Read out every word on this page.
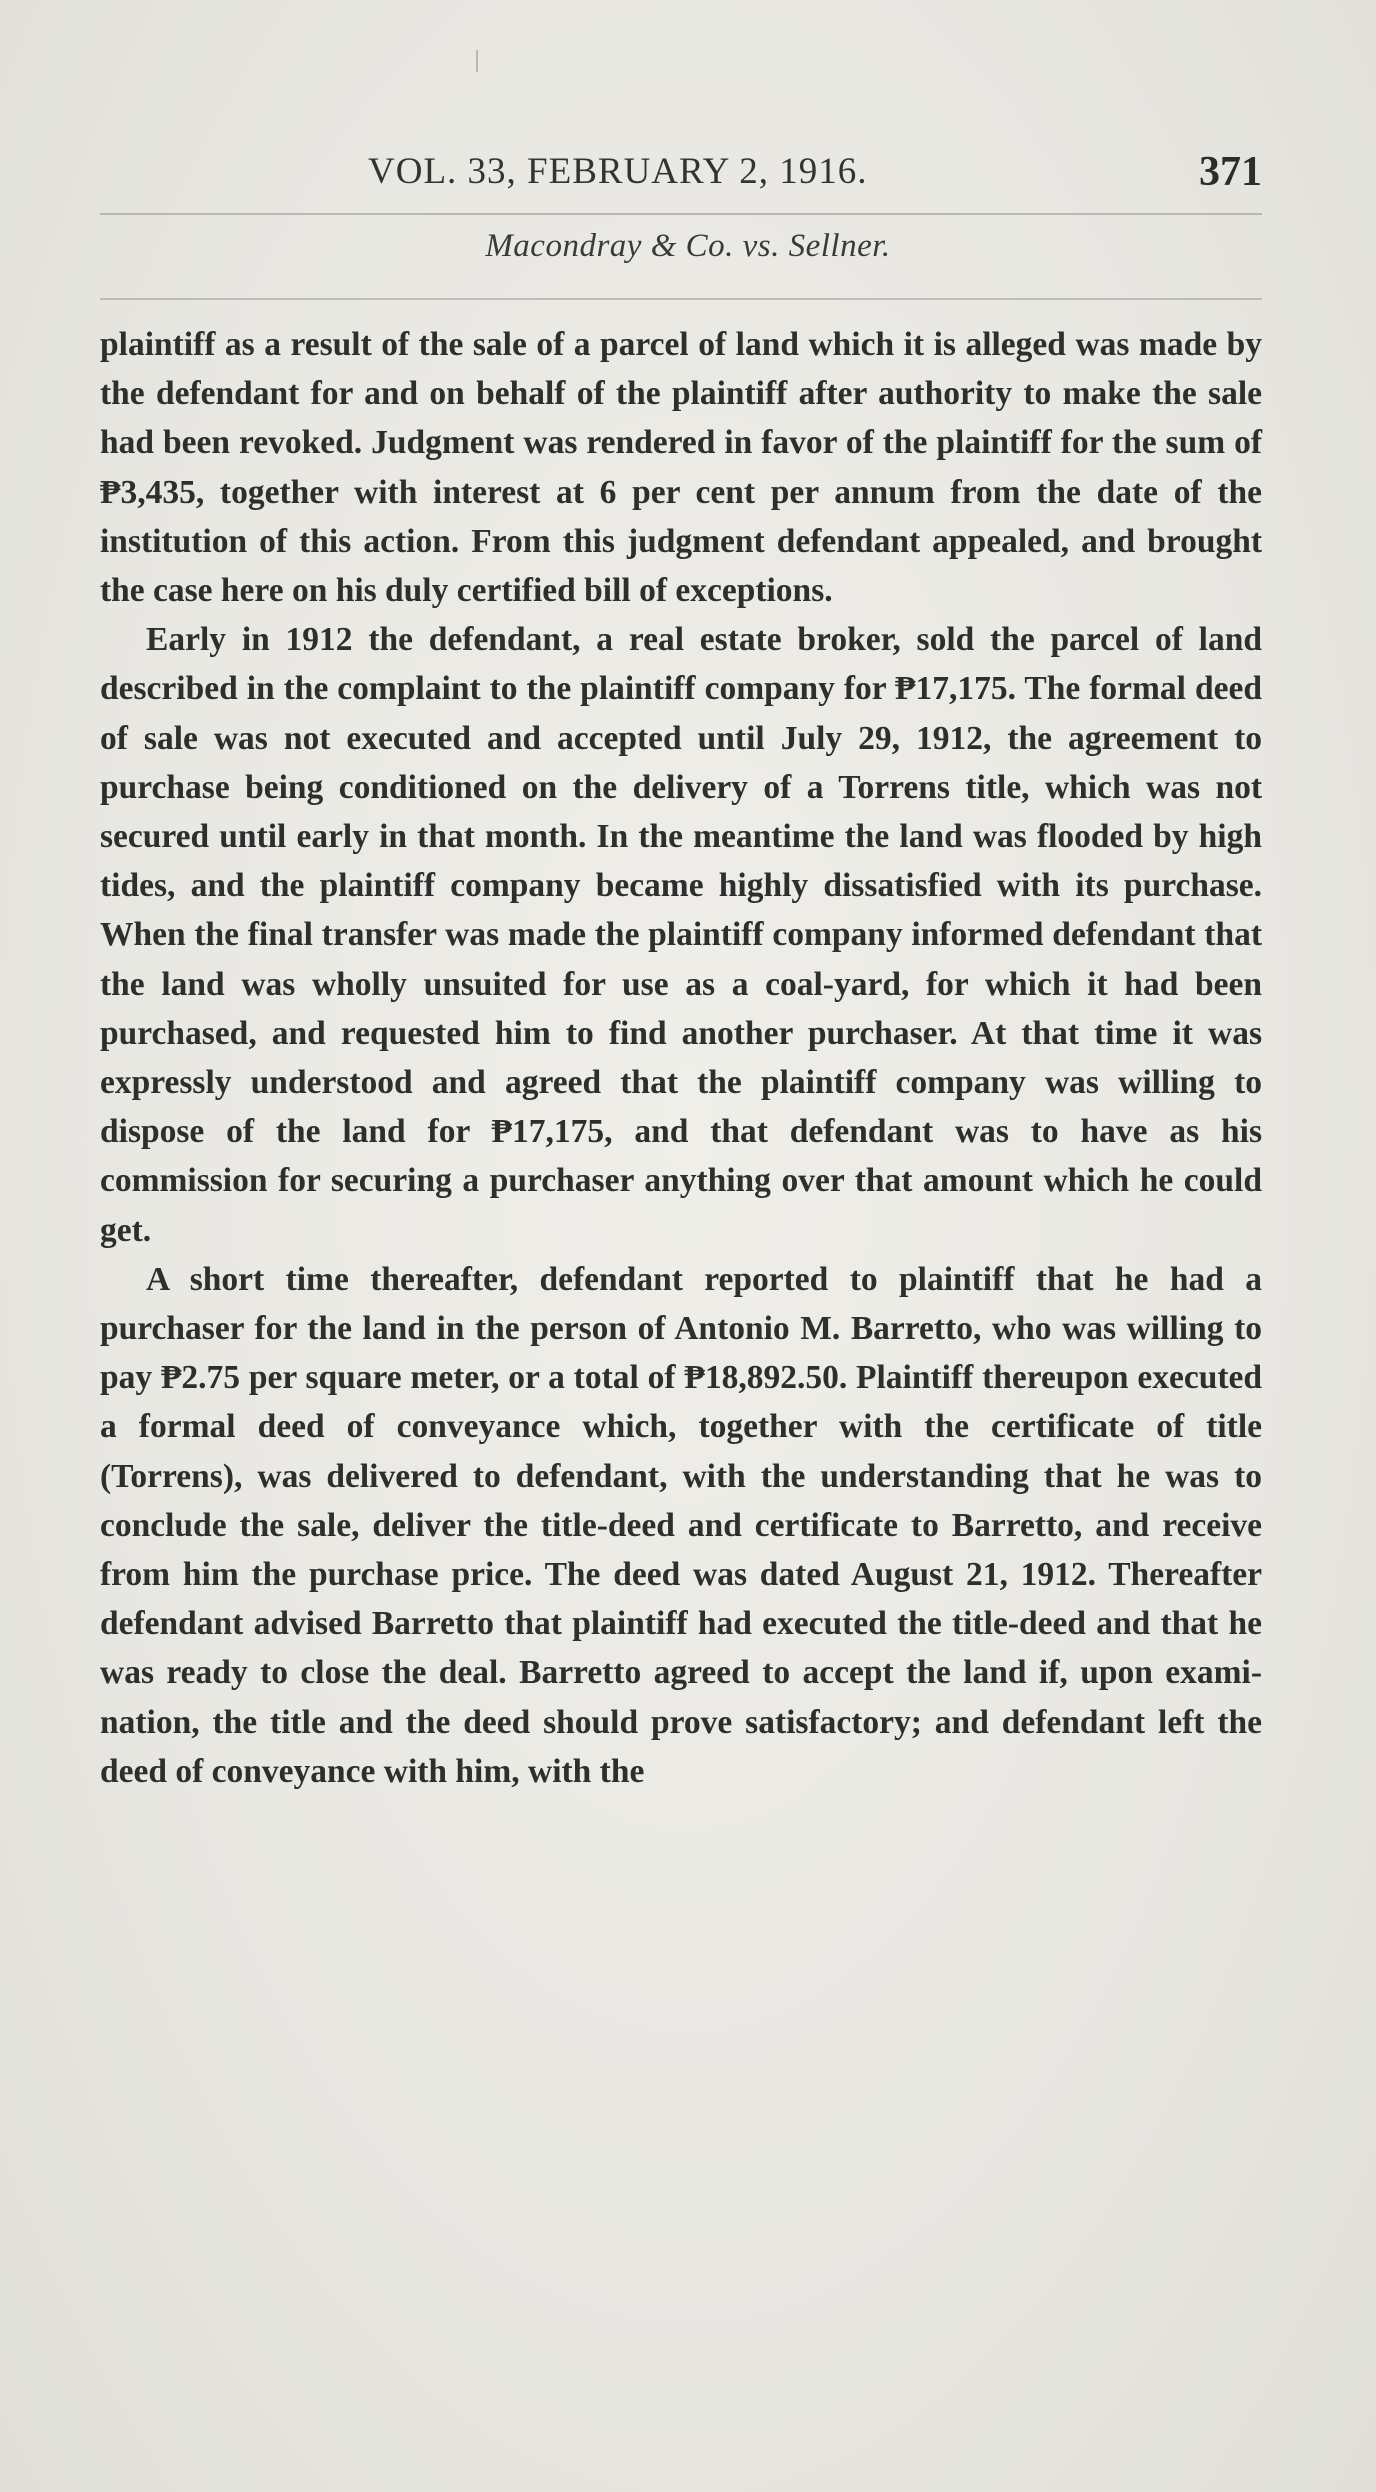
VOL. 33, FEBRUARY 2, 1916.	371
Macondray & Co. vs. Sellner.

plaintiff as a result of the sale of a parcel of land which it is alleged was made by the defendant for and on behalf of the plaintiff after authority to make the sale had been revoked. Judgment was rendered in favor of the plaintiff for the sum of ₱3,435, together with interest at 6 per cent per annum from the date of the institution of this action. From this judgment defendant appealed, and brought the case here on his duly certified bill of exceptions.

Early in 1912 the defendant, a real estate broker, sold the parcel of land described in the complaint to the plaintiff company for ₱17,175. The formal deed of sale was not executed and accepted until July 29, 1912, the agreement to purchase being conditioned on the delivery of a Torrens title, which was not secured until early in that month. In the meantime the land was flooded by high tides, and the plaintiff company became highly dissatisfied with its purchase. When the final transfer was made the plaintiff company informed defendant that the land was wholly unsuited for use as a coal-yard, for which it had been purchased, and requested him to find another purchaser. At that time it was expressly understood and agreed that the plaintiff company was willing to dispose of the land for ₱17,175, and that defendant was to have as his commission for securing a purchaser anything over that amount which he could get.

A short time thereafter, defendant reported to plaintiff that he had a purchaser for the land in the person of Antonio M. Barretto, who was willing to pay ₱2.75 per square meter, or a total of ₱18,892.50. Plaintiff thereupon executed a formal deed of conveyance which, together with the certificate of title (Torrens), was delivered to defendant, with the understanding that he was to conclude the sale, deliver the title-deed and certificate to Barretto, and receive from him the purchase price. The deed was dated August 21, 1912. Thereafter defendant advised Barretto that plaintiff had executed the title-deed and that he was ready to close the deal. Barretto agreed to accept the land if, upon examination, the title and the deed should prove satisfactory; and defendant left the deed of conveyance with him, with the
